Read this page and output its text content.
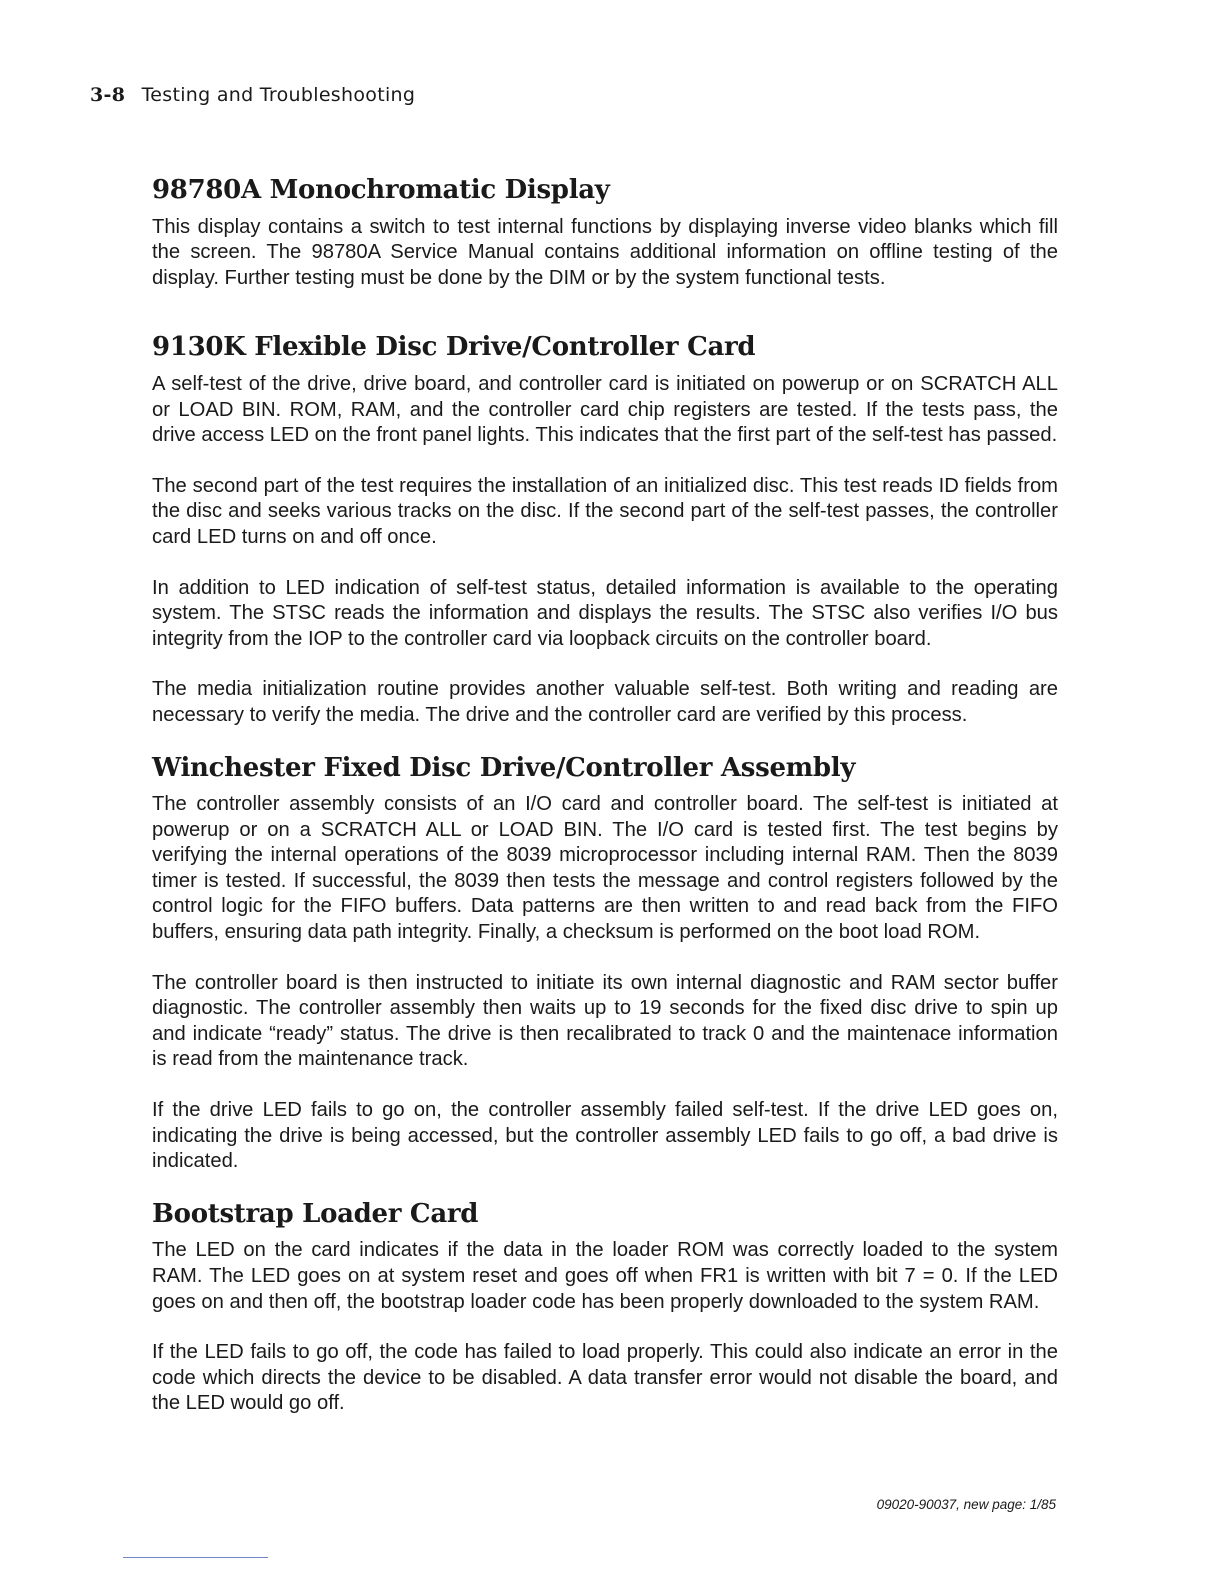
3-8 Testing and Troubleshooting
98780A Monochromatic Display

This display contains a switch to test internal functions by displaying inverse video blanks which fill the screen. The 98780A Service Manual contains additional information on offline testing of the display. Further testing must be done by the DIM or by the system functional tests.

9130K Flexible Disc Drive/Controller Card

A self-test of the drive, drive board, and controller card is initiated on powerup or on SCRATCH ALL or LOAD BIN. ROM, RAM, and the controller card chip registers are tested. If the tests pass, the drive access LED on the front panel lights. This indicates that the first part of the self-test has passed.

The second part of the test requires the installation of an initialized disc. This test reads ID fields from the disc and seeks various tracks on the disc. If the second part of the self-test passes, the controller card LED turns on and off once.

In addition to LED indication of self-test status, detailed information is available to the operating system. The STSC reads the information and displays the results. The STSC also verifies I/O bus integrity from the IOP to the controller card via loopback circuits on the controller board.

The media initialization routine provides another valuable self-test. Both writing and reading are necessary to verify the media. The drive and the controller card are verified by this process.

Winchester Fixed Disc Drive/Controller Assembly

The controller assembly consists of an I/O card and controller board. The self-test is initiated at powerup or on a SCRATCH ALL or LOAD BIN. The I/O card is tested first. The test begins by verifying the internal operations of the 8039 microprocessor including internal RAM. Then the 8039 timer is tested. If successful, the 8039 then tests the message and control registers followed by the control logic for the FIFO buffers. Data patterns are then written to and read back from the FIFO buffers, ensuring data path integrity. Finally, a checksum is performed on the boot load ROM.

The controller board is then instructed to initiate its own internal diagnostic and RAM sector buffer diagnostic. The controller assembly then waits up to 19 seconds for the fixed disc drive to spin up and indicate “ready” status. The drive is then recalibrated to track 0 and the maintenace information is read from the maintenance track.

If the drive LED fails to go on, the controller assembly failed self-test. If the drive LED goes on, indicating the drive is being accessed, but the controller assembly LED fails to go off, a bad drive is indicated.

Bootstrap Loader Card

The LED on the card indicates if the data in the loader ROM was correctly loaded to the system RAM. The LED goes on at system reset and goes off when FR1 is written with bit 7 = 0. If the LED goes on and then off, the bootstrap loader code has been properly downloaded to the system RAM.

If the LED fails to go off, the code has failed to load properly. This could also indicate an error in the code which directs the device to be disabled. A data transfer error would not disable the board, and the LED would go off.

09020-90037, new page: 1/85
